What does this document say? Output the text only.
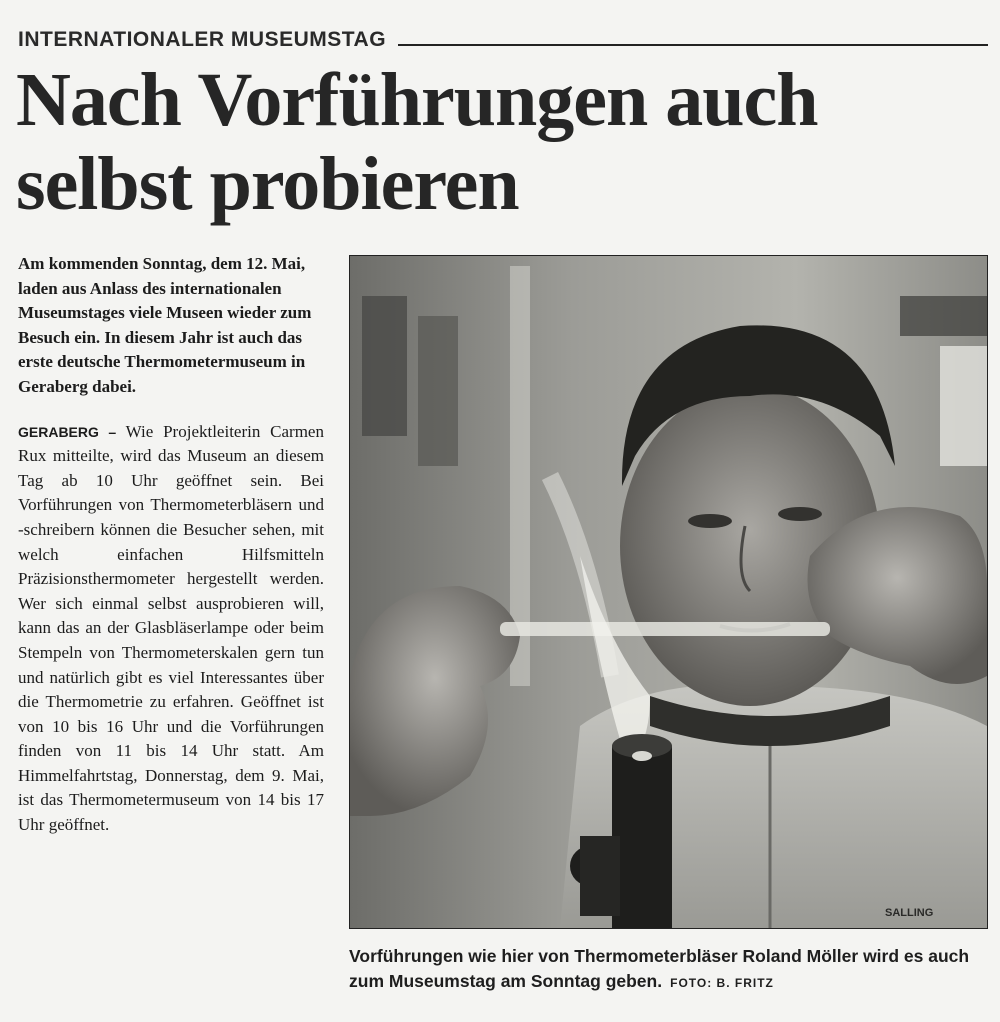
INTERNATIONALER MUSEUMSTAG
Nach Vorführungen auch
selbst probieren

Am kommenden Sonntag, dem 12. Mai, laden aus Anlass des internationalen Museumstages viele Museen wieder zum Besuch ein. In diesem Jahr ist auch das erste deutsche Thermometermuseum in Geraberg dabei.

GERABERG – Wie Projektleiterin Carmen Rux mitteilte, wird das Museum an diesem Tag ab 10 Uhr geöffnet sein. Bei Vorführungen von Thermometerbläsern und -schreibern können die Besucher sehen, mit welch einfachen Hilfsmitteln Präzisionsthermometer hergestellt werden. Wer sich einmal selbst ausprobieren will, kann das an der Glasbläserlampe oder beim Stempeln von Thermometerskalen gern tun und natürlich gibt es viel Interessantes über die Thermometrie zu erfahren. Geöffnet ist von 10 bis 16 Uhr und die Vorführungen finden von 11 bis 14 Uhr statt. Am Himmelfahrtstag, Donnerstag, dem 9. Mai, ist das Thermometermuseum von 14 bis 17 Uhr geöffnet.

SALLING
Vorführungen wie hier von Thermometerbläser Roland Möller wird es auch zum Museumstag am Sonntag geben. FOTO: B. FRITZ
